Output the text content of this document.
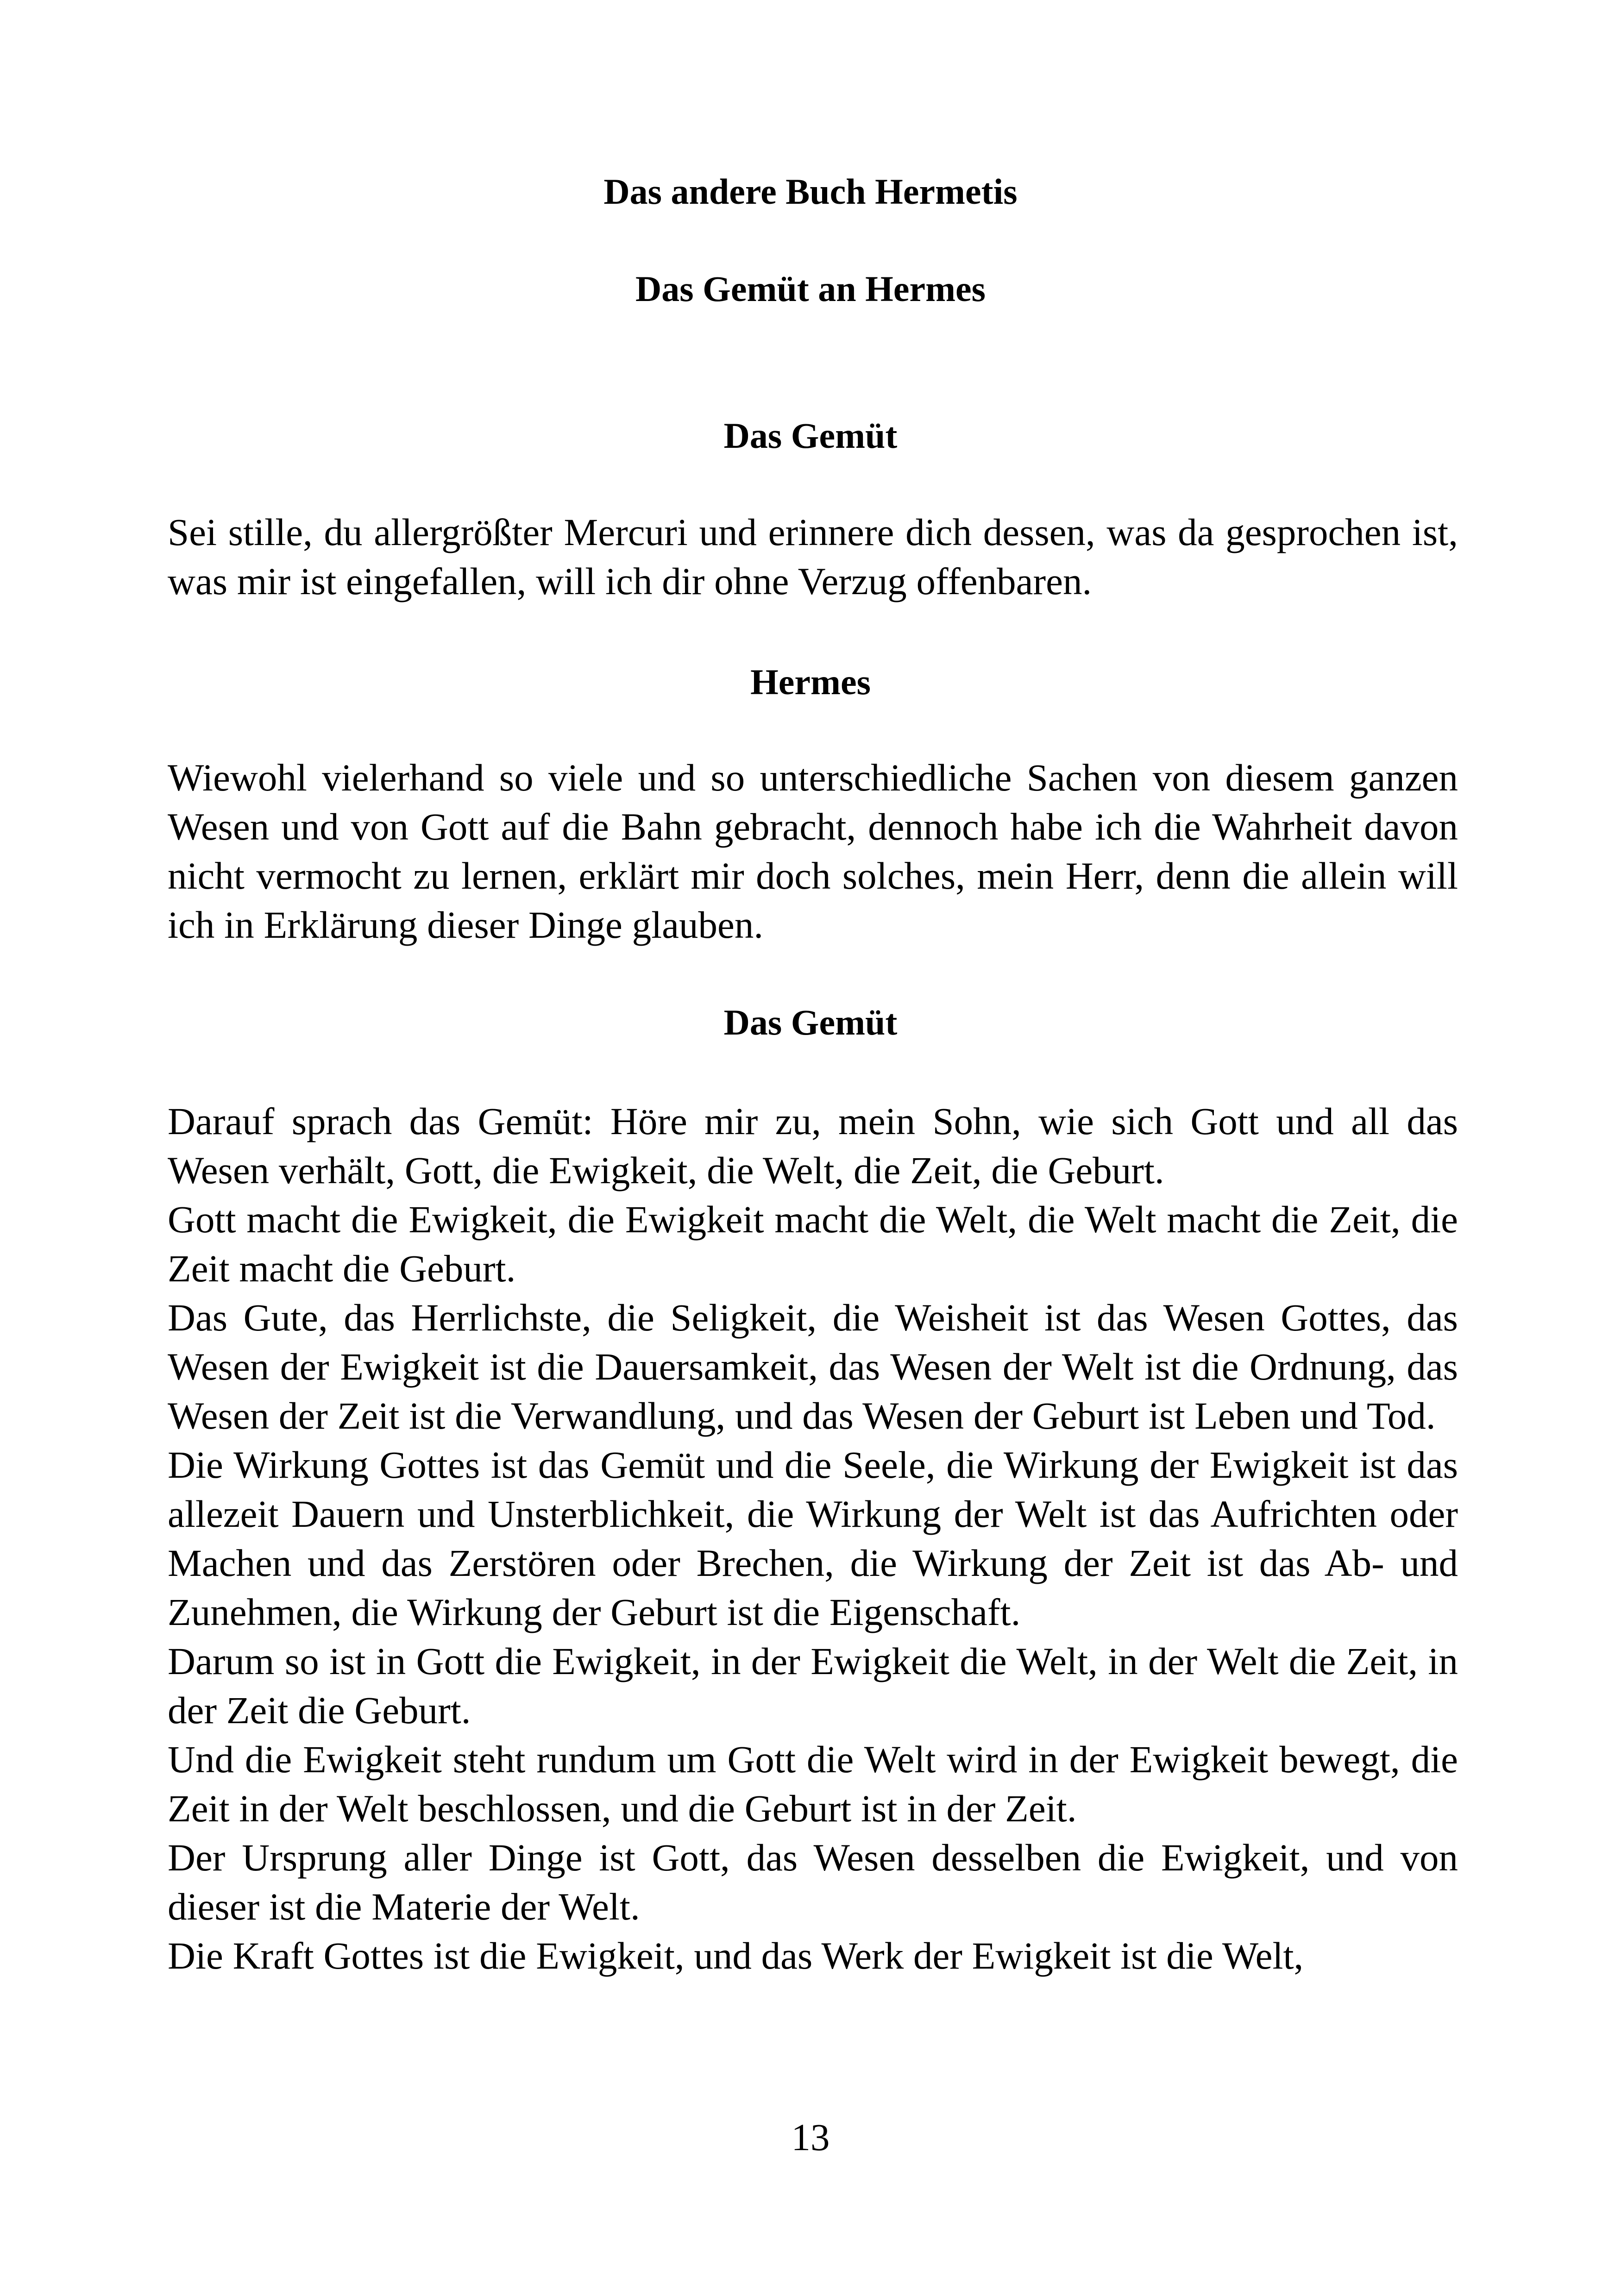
Das andere Buch Hermetis
Das Gemüt an Hermes
Das Gemüt

Sei stille, du allergrößter Mercuri und erinnere dich dessen, was da gesprochen ist, was mir ist eingefallen, will ich dir ohne Verzug offenbaren.

Hermes

Wiewohl vielerhand so viele und so unterschiedliche Sachen von diesem ganzen Wesen und von Gott auf die Bahn gebracht, dennoch habe ich die Wahrheit davon nicht vermocht zu lernen, erklärt mir doch solches, mein Herr, denn die allein will ich in Erklärung dieser Dinge glauben.

Das Gemüt

Darauf sprach das Gemüt: Höre mir zu, mein Sohn, wie sich Gott und all das Wesen verhält, Gott, die Ewigkeit, die Welt, die Zeit, die Geburt.

Gott macht die Ewigkeit, die Ewigkeit macht die Welt, die Welt macht die Zeit, die Zeit macht die Geburt.

Das Gute, das Herrlichste, die Seligkeit, die Weisheit ist das Wesen Gottes, das Wesen der Ewigkeit ist die Dauersamkeit, das Wesen der Welt ist die Ordnung, das Wesen der Zeit ist die Verwandlung, und das Wesen der Geburt ist Leben und Tod.

Die Wirkung Gottes ist das Gemüt und die Seele, die Wirkung der Ewigkeit ist das allezeit Dauern und Unsterblichkeit, die Wirkung der Welt ist das Aufrichten oder Machen und das Zerstören oder Brechen, die Wirkung der Zeit ist das Ab- und Zunehmen, die Wirkung der Geburt ist die Eigenschaft.

Darum so ist in Gott die Ewigkeit, in der Ewigkeit die Welt, in der Welt die Zeit, in der Zeit die Geburt.

Und die Ewigkeit steht rundum um Gott die Welt wird in der Ewigkeit bewegt, die Zeit in der Welt beschlossen, und die Geburt ist in der Zeit.

Der Ursprung aller Dinge ist Gott, das Wesen desselben die Ewigkeit, und von dieser ist die Materie der Welt.

Die Kraft Gottes ist die Ewigkeit, und das Werk der Ewigkeit ist die Welt,

13
